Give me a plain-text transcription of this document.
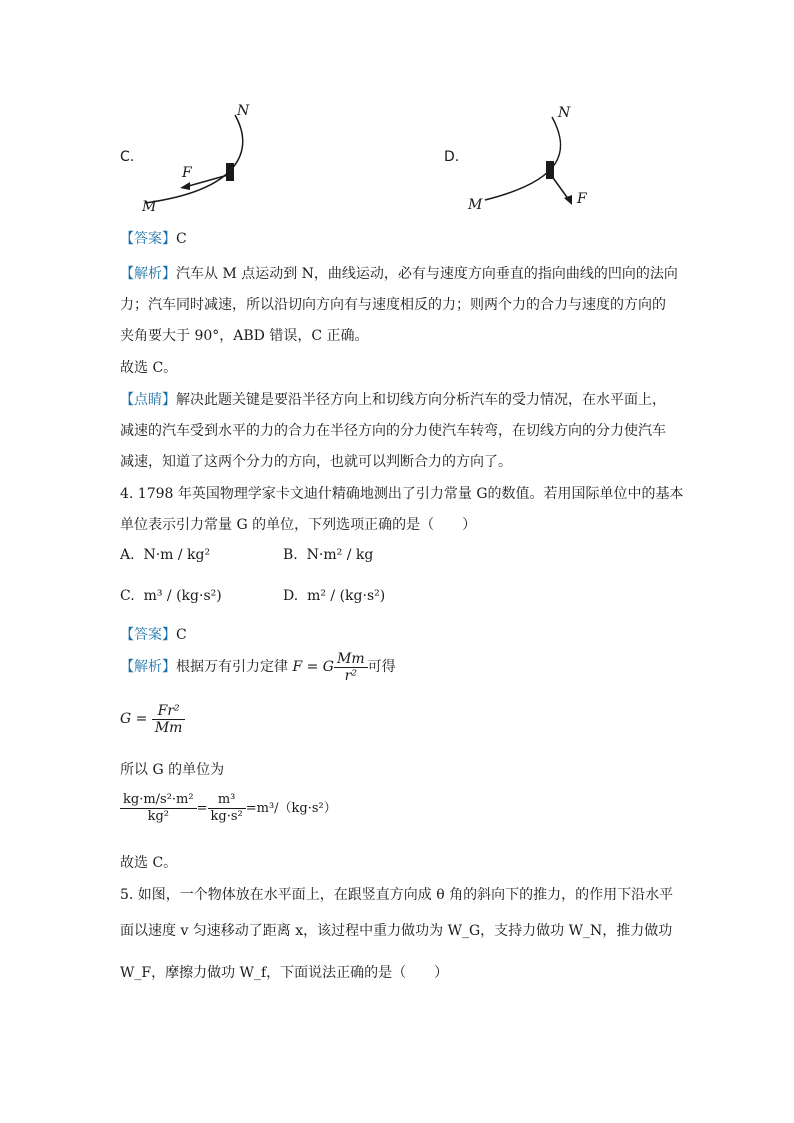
C.
N
M
F
D.
N
M	F
【答案】C
【解析】汽车从 M 点运动到 N，曲线运动，必有与速度方向垂直的指向曲线的凹向的法向
力；汽车同时减速，所以沿切向方向有与速度相反的力；则两个力的合力与速度的方向的
夹角要大于 90°，ABD 错误，C 正确。
故选 C。
【点睛】解决此题关键是要沿半径方向上和切线方向分析汽车的受力情况，在水平面上，
减速的汽车受到水平的力的合力在半径方向的分力使汽车转弯，在切线方向的分力使汽车
减速，知道了这两个分力的方向，也就可以判断合力的方向了。
4. 1798 年英国物理学家卡文迪什精确地测出了引力常量 G的数值。若用国际单位中的基本
单位表示引力常量 G 的单位，下列选项正确的是（　　）
A. N·m / kg²	B. N·m² / kg
C. m³ / (kg·s²)	D. m² / (kg·s²)
【答案】C
【解析】根据万有引力定律 F = G $\frac{Mm}{\text{r²}}$ 可得
$G = \frac{\text{Fr²}}{Mm}$
所以 G 的单位为
$\frac{\text{kg·m/s²·m²}}{\text{kg²}} = \frac{\text{m³}}{\text{kg·s²}} =m^3/(kg\cdot s^2)$
故选 C。
5. 如图，一个物体放在水平面上，在跟竖直方向成 θ 角的斜向下的推力，的作用下沿水平
面以速度 v 匀速移动了距离 x，该过程中重力做功为 W_G，支持力做功 W_N，推力做功
W_F，摩擦力做功 W_f，下面说法正确的是（　　）
